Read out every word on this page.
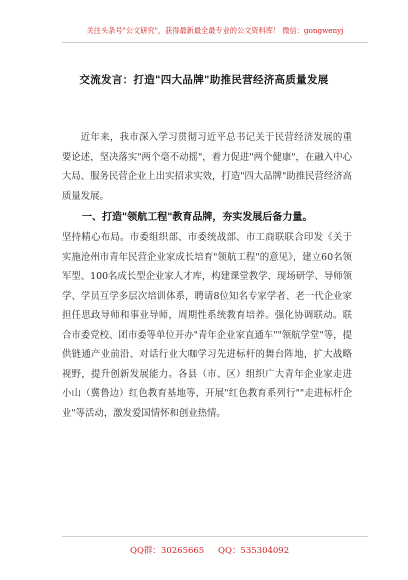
关注头条号"公文研究"，获得最新最全最专业的公文资料库！ 微信：gongwenyj
交流发言：打造"四大品牌"助推民营经济高质量发展

近年来，我市深入学习贯彻习近平总书记关于民营经济发展的重要论述，坚决落实"两个毫不动摇"，着力促进"两个健康"，在融入中心大局、服务民营企业上出实招求实效，打造"四大品牌"助推民营经济高质量发展。

一、打造"领航工程"教育品牌，夯实发展后备力量。

坚持精心布局。市委组织部、市委统战部、市工商联联合印发《关于实施沧州市青年民营企业家成长培育"领航工程"的意见》，建立60名领军型、100名成长型企业家人才库，构建课堂教学、现场研学、导师领学、学员互学多层次培训体系，聘请8位知名专家学者、老一代企业家担任思政导师和事业导师，周期性系统教育培养。强化协调联动。联合市委党校、团市委等单位开办"青年企业家直通车""领航学堂"等，提供链通产业前沿、对话行业大咖学习先进标杆的舞台阵地，扩大战略视野，提升创新发展能力。各县（市、区）组织广大青年企业家走进小山（冀鲁边）红色教育基地等，开展"红色教育系列行""走进标杆企业"等活动，激发爱国情怀和创业热情。

QQ群：30265665 QQ：535304092
